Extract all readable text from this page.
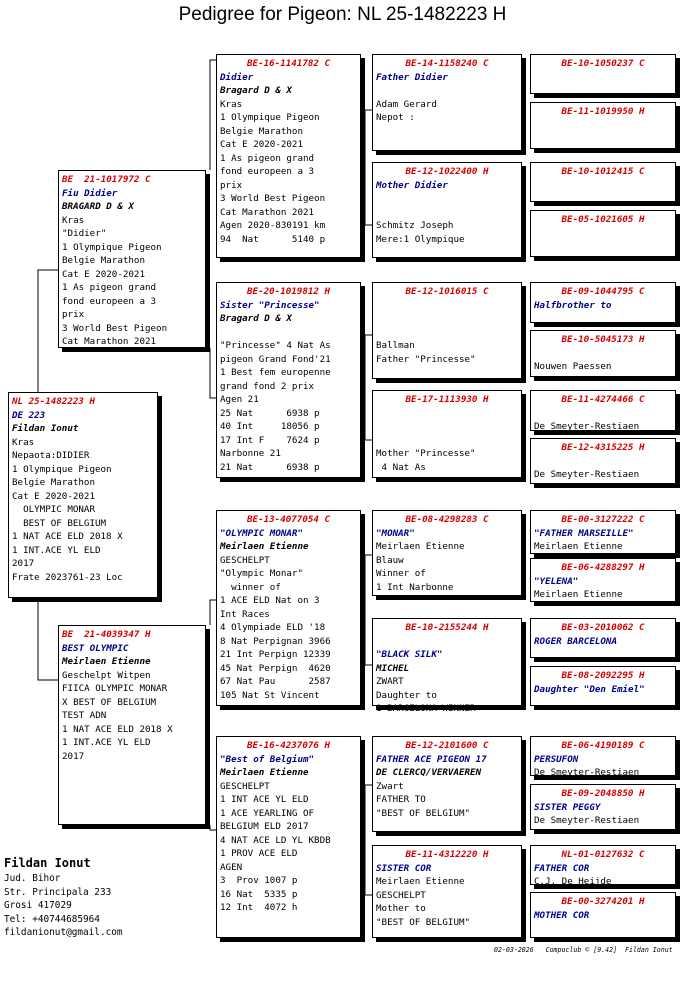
Pedigree for Pigeon: NL 25-1482223 H
NL 25-1482223 H
DE 223
Fildan Ionut
Kras
Nepaota:DIDIER
1 Olympique Pigeon
Belgie Marathon
Cat E 2020-2021
OLYMPIC MONAR
BEST OF BELGIUM
1 NAT ACE ELD 2018 X
1 INT.ACE YL ELD
2017
Frate 2023761-23 Loc
BE  21-1017972 C
Fiu Didier
BRAGARD D & X
Kras
"Didier"
1 Olympique Pigeon
Belgie Marathon
Cat E 2020-2021
1 As pigeon grand
fond europeen a 3
prix
3 World Best Pigeon
Cat Marathon 2021
BE  21-4039347 H
BEST OLYMPIC
Meirlaen Etienne
Geschelpt Witpen
FIICA OLYMPIC MONAR
X BEST OF BELGIUM
TEST ADN
1 NAT ACE ELD 2018 X
1 INT.ACE YL ELD
2017
BE-16-1141782 C
Didier
Bragard D & X
Kras
1 Olympique Pigeon
Belgie Marathon
Cat E 2020-2021
1 As pigeon grand
fond europeen a 3
prix
3 World Best Pigeon
Cat Marathon 2021
Agen 2020-830191 km
94  Nat      5140 p
BE-20-1019812 H
Sister "Princesse"
Bragard D & X
"Princesse" 4 Nat As
pigeon Grand Fond'21
1 Best fem europenne
grand fond 2 prix
Agen 21
25 Nat      6938 p
40 Int     18056 p
17 Int F    7624 p
Narbonne 21
21 Nat      6938 p
BE-13-4077054 C
"OLYMPIC MONAR"
Meirlaen Etienne
GESCHELPT
"Olympic Monar"
winner of
1 ACE ELD Nat on 3
Int Races
4 Olympiade ELD '18
8 Nat Perpignan 3966
21 Int Perpign 12339
45 Nat Perpign  4620
67 Nat Pau      2587
105 Nat St Vincent
BE-16-4237076 H
"Best of Belgium"
Meirlaen Etienne
GESCHELPT
1 INT ACE YL ELD
1 ACE YEARLING OF
BELGIUM ELD 2017
4 NAT ACE LD YL KBDB
1 PROV ACE ELD
AGEN
3  Prov 1007 p
16 Nat  5335 p
12 Int  4072 h
BE-14-1158240 C
Father Didier
Adam Gerard
Nepot :
BE-12-1022400 H
Mother Didier
Schmitz Joseph
Mere:1 Olympique
BE-12-1016015 C
Ballman
Father "Princesse"
BE-17-1113930 H
Mother "Princesse"
4 Nat As
BE-08-4298283 C
"MONAR"
Meirlaen Etienne
Blauw
Winner of
1 Int Narbonne
BE-10-2155244 H
"BLACK SILK"
MICHEL
ZWART
Daughter to
1 BARCELONA WINNER
BE-12-2101600 C
FATHER ACE PIGEON 17
DE CLERCQ/VERVAEREN
Zwart
FATHER TO
"BEST OF BELGIUM"
BE-11-4312220 H
SISTER COR
Meirlaen Etienne
GESCHELPT
Mother to
"BEST OF BELGIUM"
BE-10-1050237 C
BE-11-1019950 H
BE-10-1012415 C
BE-05-1021605 H
BE-09-1044795 C
Halfbrother to
BE-10-5045173 H
Nouwen Paessen
BE-11-4274466 C
De Smeyter-Restiaen
BE-12-4315225 H
De Smeyter-Restiaen
BE-00-3127222 C
"FATHER MARSEILLE"
Meirlaen Etienne
BE-06-4288297 H
"YELENA"
Meirlaen Etienne
BE-03-2010062 C
ROGER BARCELONA
BE-08-2092295 H
Daughter "Den Emiel"
BE-06-4190189 C
PERSUFON
De Smeyter-Restiaen
BE-09-2048850 H
SISTER PEGGY
De Smeyter-Restiaen
NL-01-0127632 C
FATHER COR
C.J. De Heijde
BE-00-3274201 H
MOTHER COR
Fildan Ionut
Jud. Bihor
Str. Principala 233
Grosi 417029
Tel: +40744685964
fildanionut@gmail.com
02-03-2026   Compuclub © [9.42]  Fildan Ionut
